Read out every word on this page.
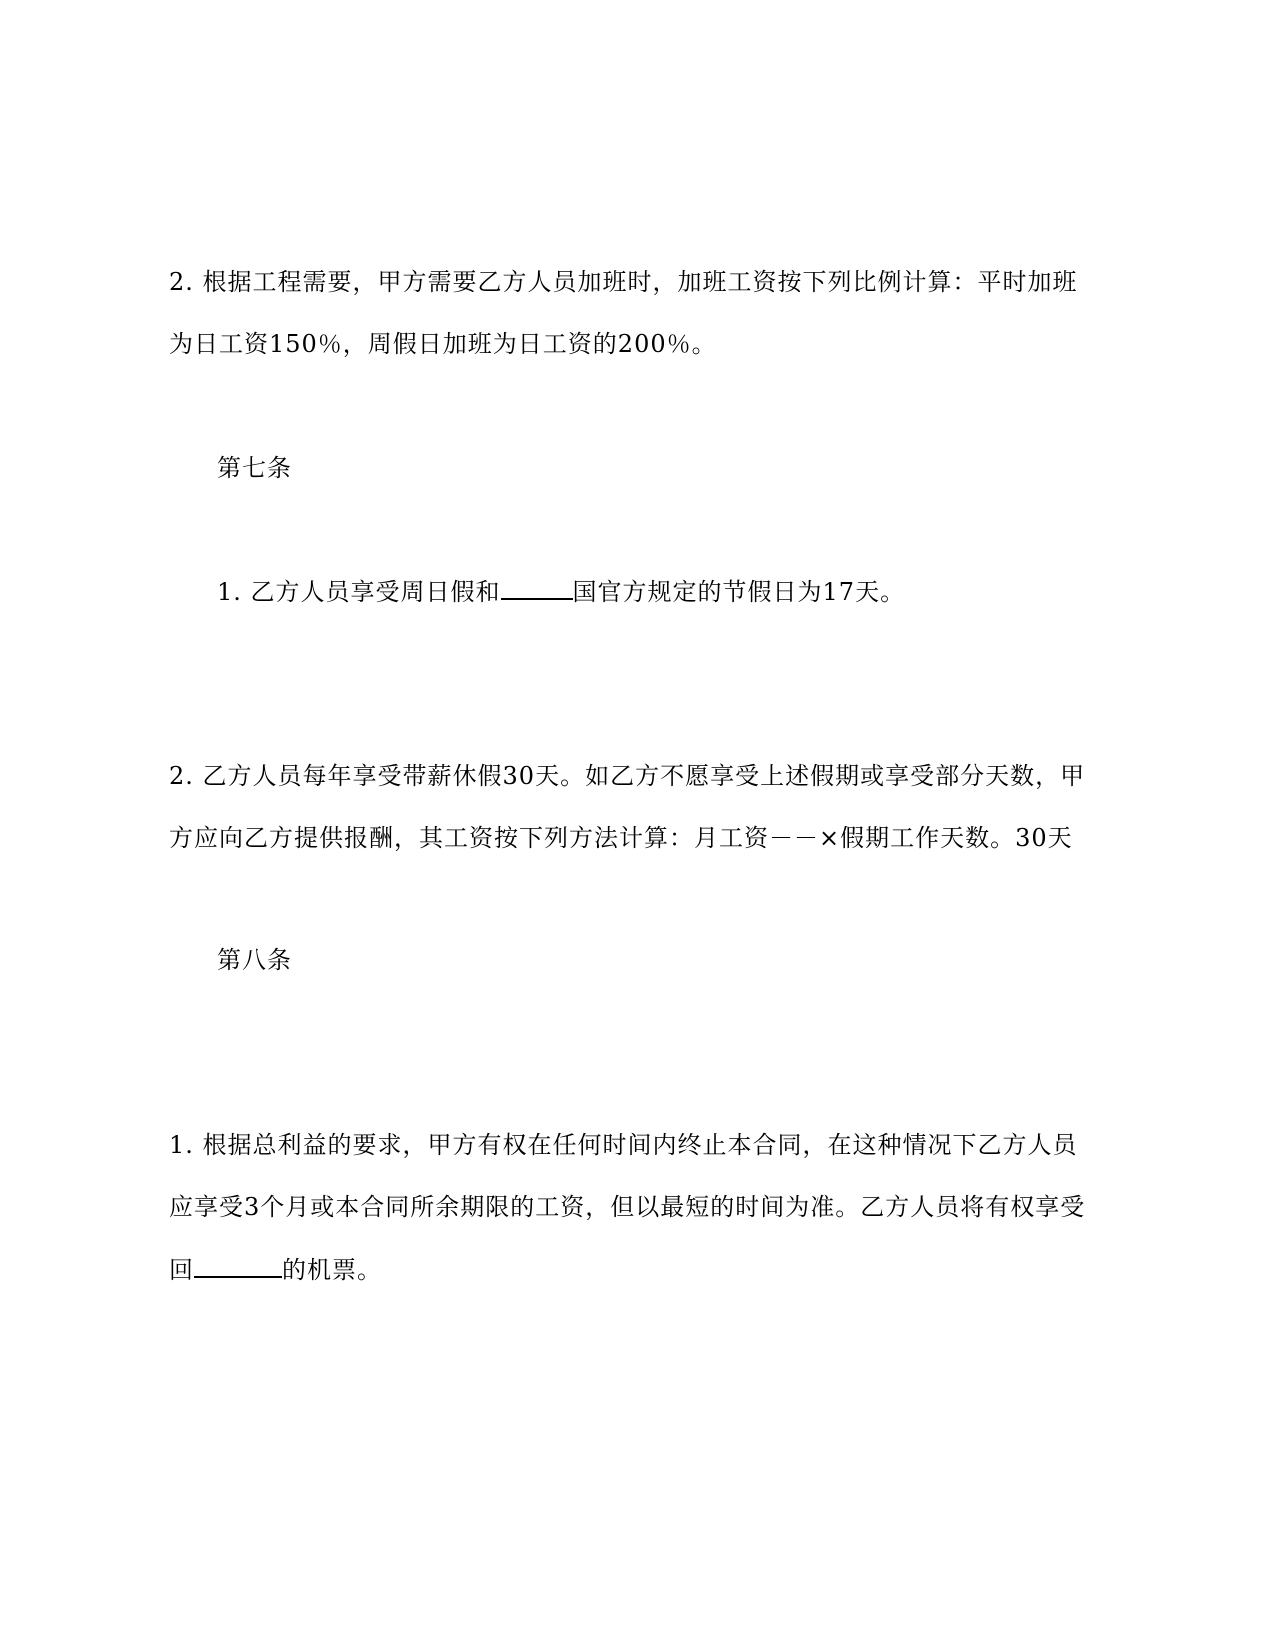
2. 根据工程需要，甲方需要乙方人员加班时，加班工资按下列比例计算：平时加班
为日工资150％，周假日加班为日工资的200％。
第七条
1. 乙方人员享受周日假和	国官方规定的节假日为17天。
2. 乙方人员每年享受带薪休假30天。如乙方不愿享受上述假期或享受部分天数，甲
方应向乙方提供报酬，其工资按下列方法计算：月工资－－×假期工作天数。30天
第八条
1. 根据总利益的要求，甲方有权在任何时间内终止本合同，在这种情况下乙方人员
应享受3个月或本合同所余期限的工资，但以最短的时间为准。乙方人员将有权享受
回	的机票。
